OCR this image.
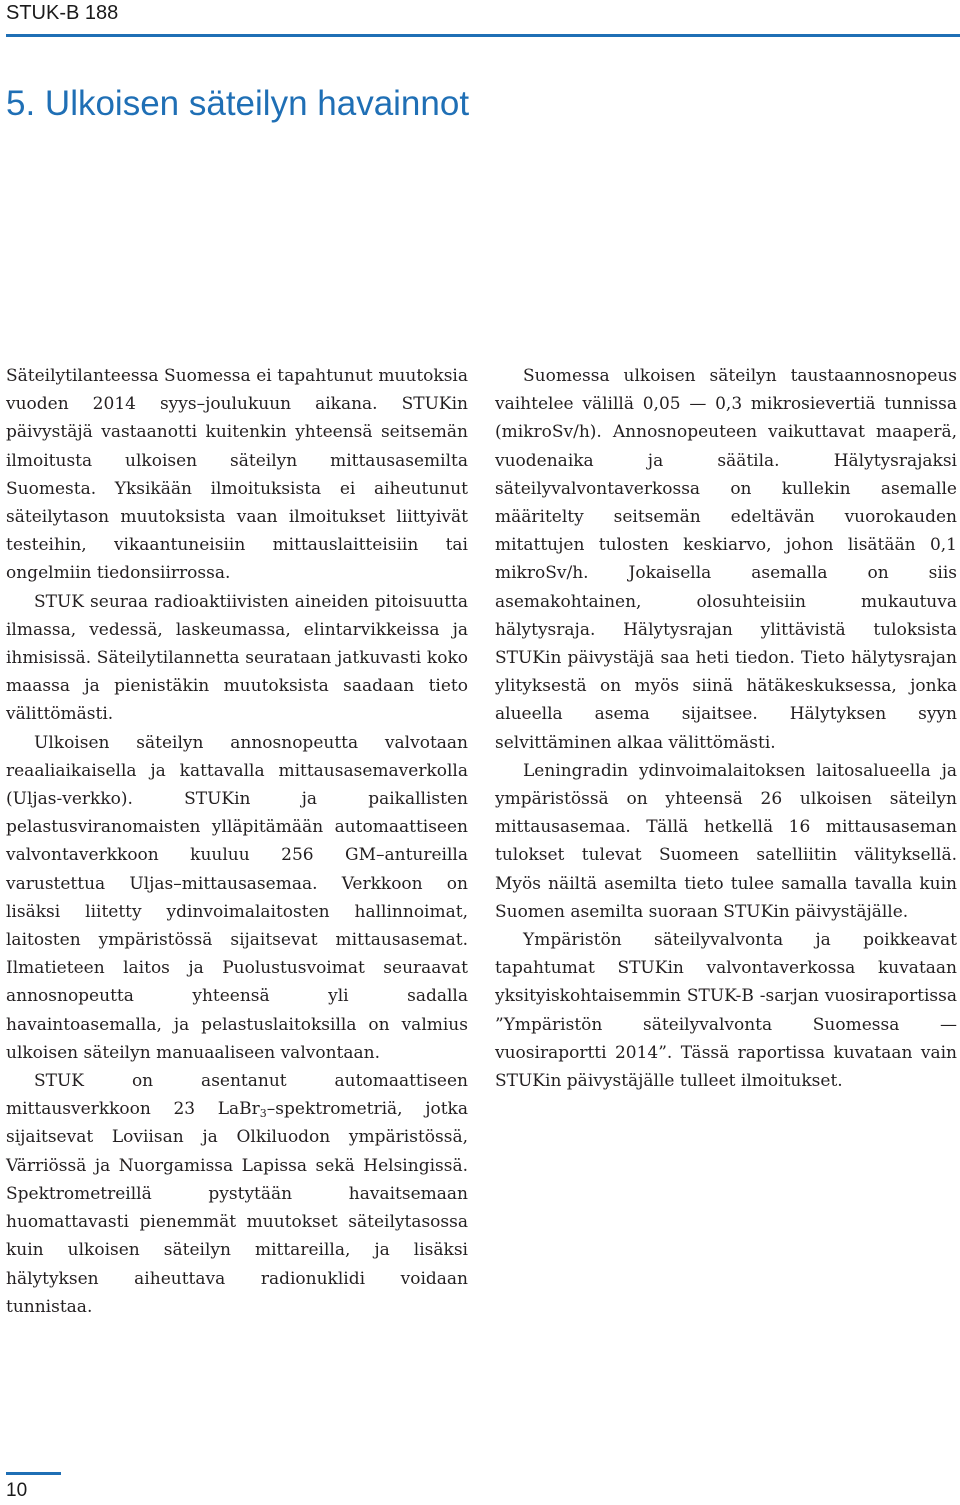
STUK-B 188
5. Ulkoisen säteilyn havainnot

Säteilytilanteessa Suomessa ei tapahtunut muutoksia vuoden 2014 syys–joulukuun aikana. STUKin päivystäjä vastaanotti kuitenkin yhteensä seitsemän ilmoitusta ulkoisen säteilyn mittausasemilta Suomesta. Yksikään ilmoituksista ei aiheutunut säteilytason muutoksista vaan ilmoitukset liittyivät testeihin, vikaantuneisiin mittauslaitteisiin tai ongelmiin tiedonsiirrossa.

STUK seuraa radioaktiivisten aineiden pitoisuutta ilmassa, vedessä, laskeumassa, elintarvikkeissa ja ihmisissä. Säteilytilannetta seurataan jatkuvasti koko maassa ja pienistäkin muutoksista saadaan tieto välittömästi.

Ulkoisen säteilyn annosnopeutta valvotaan reaaliaikaisella ja kattavalla mittausasemaverkolla (Uljas-verkko). STUKin ja paikallisten pelastusviranomaisten ylläpitämään automaattiseen valvontaverkkoon kuuluu 256 GM–antureilla varustettua Uljas–mittausasemaa. Verkkoon on lisäksi liitetty ydinvoimalaitosten hallinnoimat, laitosten ympäristössä sijaitsevat mittausasemat. Ilmatieteen laitos ja Puolustusvoimat seuraavat annosnopeutta yhteensä yli sadalla havaintoasemalla, ja pelastuslaitoksilla on valmius ulkoisen säteilyn manuaaliseen valvontaan.

STUK on asentanut automaattiseen mittausverkkoon 23 LaBr$_3$–spektrometriä, jotka sijaitsevat Loviisan ja Olkiluodon ympäristössä, Värriössä ja Nuorgamissa Lapissa sekä Helsingissä. Spektrometreillä pystytään havaitsemaan huomattavasti pienemmät muutokset säteilytasossa kuin ulkoisen säteilyn mittareilla, ja lisäksi hälytyksen aiheuttava radionuklidi voidaan tunnistaa.

Suomessa ulkoisen säteilyn taustaannosnopeus vaihtelee välillä 0,05 — 0,3 mikrosievertiä tunnissa (mikroSv/h). Annosnopeuteen vaikuttavat maaperä, vuodenaika ja säätila. Hälytysrajaksi säteilyvalvontaverkossa on kullekin asemalle määritelty seitsemän edeltävän vuorokauden mitattujen tulosten keskiarvo, johon lisätään 0,1 mikroSv/h. Jokaisella asemalla on siis asemakohtainen, olosuhteisiin mukautuva hälytysraja. Hälytysrajan ylittävistä tuloksista STUKin päivystäjä saa heti tiedon. Tieto hälytysrajan ylityksestä on myös siinä hätäkeskuksessa, jonka alueella asema sijaitsee. Hälytyksen syyn selvittäminen alkaa välittömästi.

Leningradin ydinvoimalaitoksen laitosalueella ja ympäristössä on yhteensä 26 ulkoisen säteilyn mittausasemaa. Tällä hetkellä 16 mittausaseman tulokset tulevat Suomeen satelliitin välityksellä. Myös näiltä asemilta tieto tulee samalla tavalla kuin Suomen asemilta suoraan STUKin päivystäjälle.

Ympäristön säteilyvalvonta ja poikkeavat tapahtumat STUKin valvontaverkossa kuvataan yksityiskohtaisemmin STUK-B -sarjan vuosiraportissa ”Ympäristön säteilyvalvonta Suomessa — vuosiraportti 2014”. Tässä raportissa kuvataan vain STUKin päivystäjälle tulleet ilmoitukset.

10
